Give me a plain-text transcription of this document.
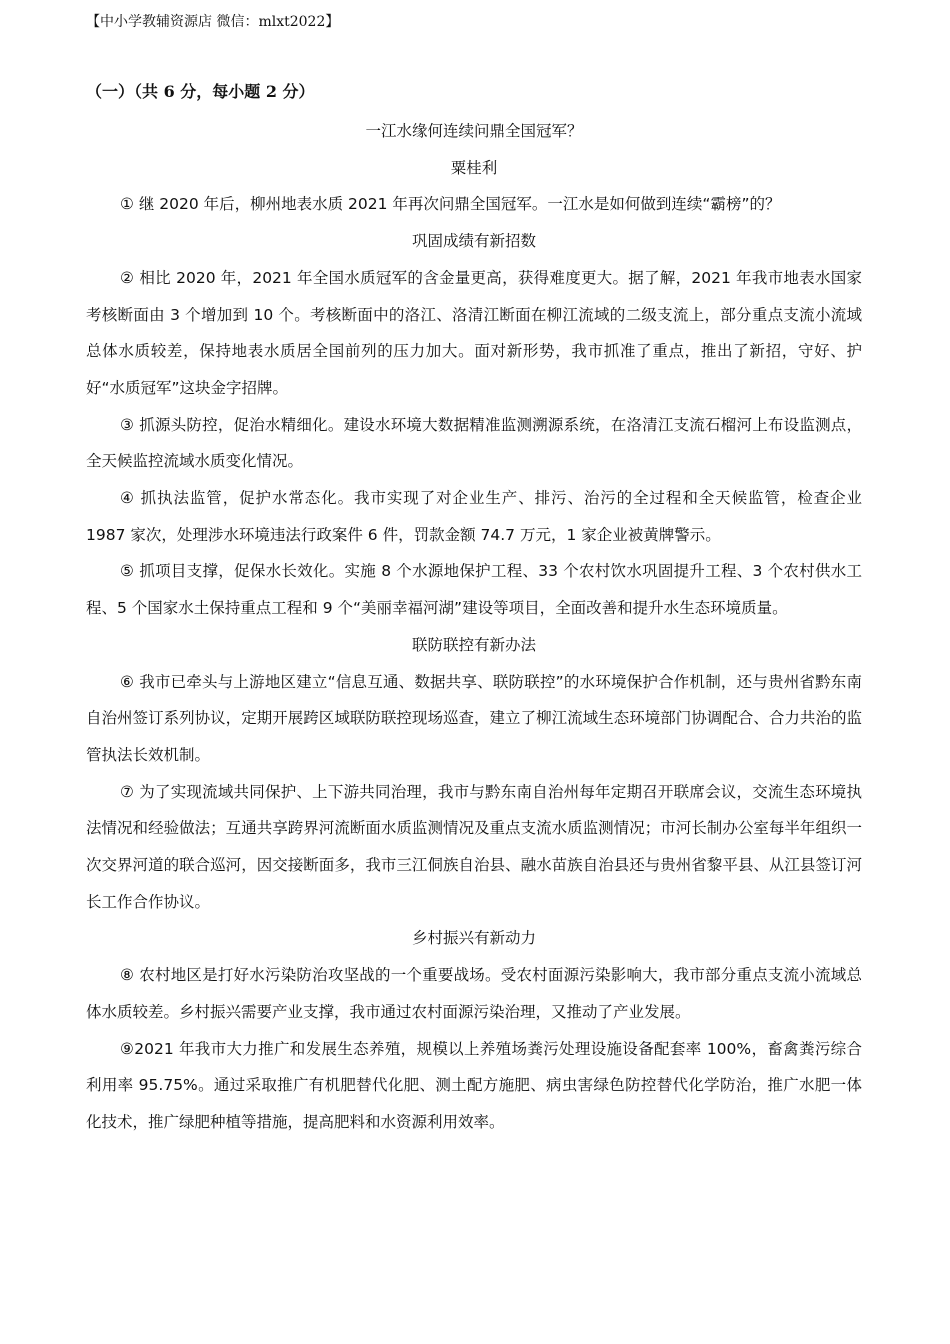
【中小学教辅资源店 微信：mlxt2022】
（一）（共 6 分，每小题 2 分）

一江水缘何连续问鼎全国冠军？

粟桂利

① 继 2020 年后，柳州地表水质 2021 年再次问鼎全国冠军。一江水是如何做到连续“霸榜”的？

巩固成绩有新招数

② 相比 2020 年，2021 年全国水质冠军的含金量更高，获得难度更大。据了解，2021 年我市地表水国家考核断面由 3 个增加到 10 个。考核断面中的洛江、洛清江断面在柳江流域的二级支流上，部分重点支流小流域总体水质较差，保持地表水质居全国前列的压力加大。面对新形势，我市抓准了重点，推出了新招，守好、护好“水质冠军”这块金字招牌。

③ 抓源头防控，促治水精细化。建设水环境大数据精准监测溯源系统，在洛清江支流石榴河上布设监测点，全天候监控流域水质变化情况。

④ 抓执法监管，促护水常态化。我市实现了对企业生产、排污、治污的全过程和全天候监管，检查企业 1987 家次，处理涉水环境违法行政案件 6 件，罚款金额 74.7 万元，1 家企业被黄牌警示。

⑤ 抓项目支撑，促保水长效化。实施 8 个水源地保护工程、33 个农村饮水巩固提升工程、3 个农村供水工程、5 个国家水土保持重点工程和 9 个“美丽幸福河湖”建设等项目，全面改善和提升水生态环境质量。

联防联控有新办法

⑥ 我市已牵头与上游地区建立“信息互通、数据共享、联防联控”的水环境保护合作机制，还与贵州省黔东南自治州签订系列协议，定期开展跨区域联防联控现场巡查，建立了柳江流域生态环境部门协调配合、合力共治的监管执法长效机制。

⑦ 为了实现流域共同保护、上下游共同治理，我市与黔东南自治州每年定期召开联席会议，交流生态环境执法情况和经验做法；互通共享跨界河流断面水质监测情况及重点支流水质监测情况；市河长制办公室每半年组织一次交界河道的联合巡河，因交接断面多，我市三江侗族自治县、融水苗族自治县还与贵州省黎平县、从江县签订河长工作合作协议。

乡村振兴有新动力

⑧ 农村地区是打好水污染防治攻坚战的一个重要战场。受农村面源污染影响大，我市部分重点支流小流域总体水质较差。乡村振兴需要产业支撑，我市通过农村面源污染治理，又推动了产业发展。

⑨2021 年我市大力推广和发展生态养殖，规模以上养殖场粪污处理设施设备配套率 100%，畜禽粪污综合利用率 95.75%。通过采取推广有机肥替代化肥、测土配方施肥、病虫害绿色防控替代化学防治，推广水肥一体化技术，推广绿肥种植等措施，提高肥料和水资源利用效率。
